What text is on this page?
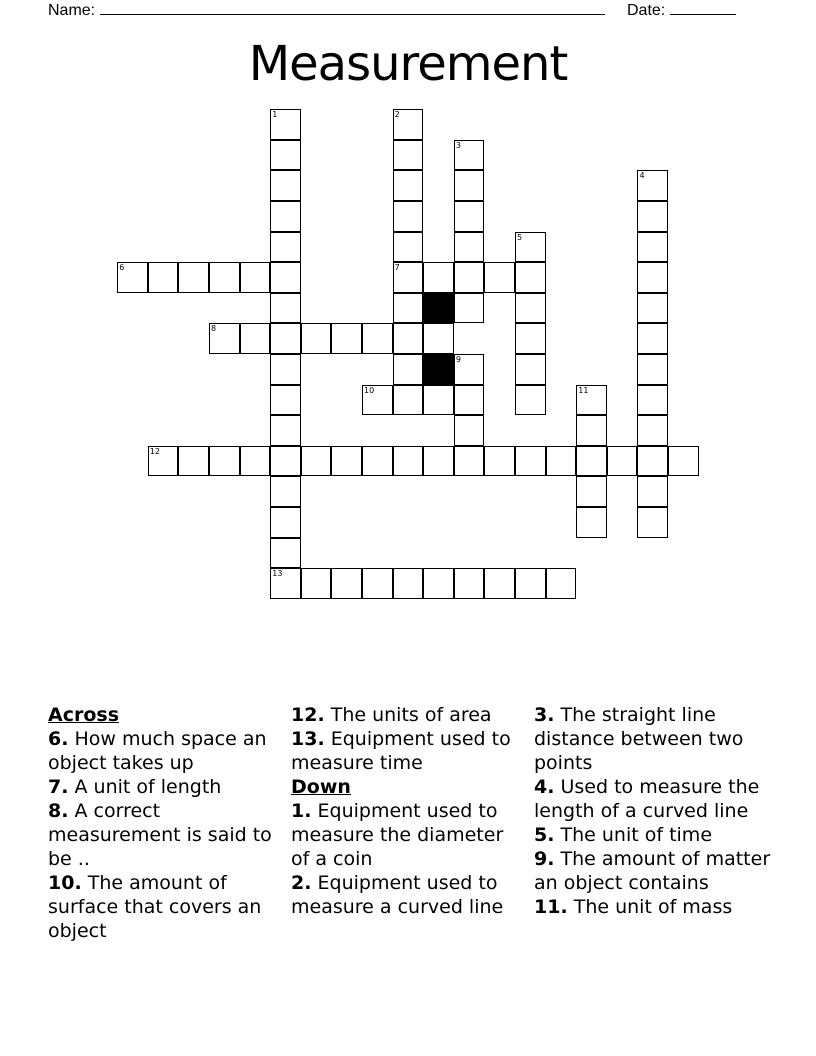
Name:	Date:
Measurement
1
13
2
7
3
4
5
6
8
9
10	11
12
Across
6. How much space an object takes up
7. A unit of length
8. A correct measurement is said to be ..
10. The amount of surface that covers an object
12. The units of area
13. Equipment used to measure time
Down
1. Equipment used to measure the diameter of a coin
2. Equipment used to measure a curved line
3. The straight line distance between two points
4. Used to measure the length of a curved line
5. The unit of time
9. The amount of matter an object contains
11. The unit of mass
